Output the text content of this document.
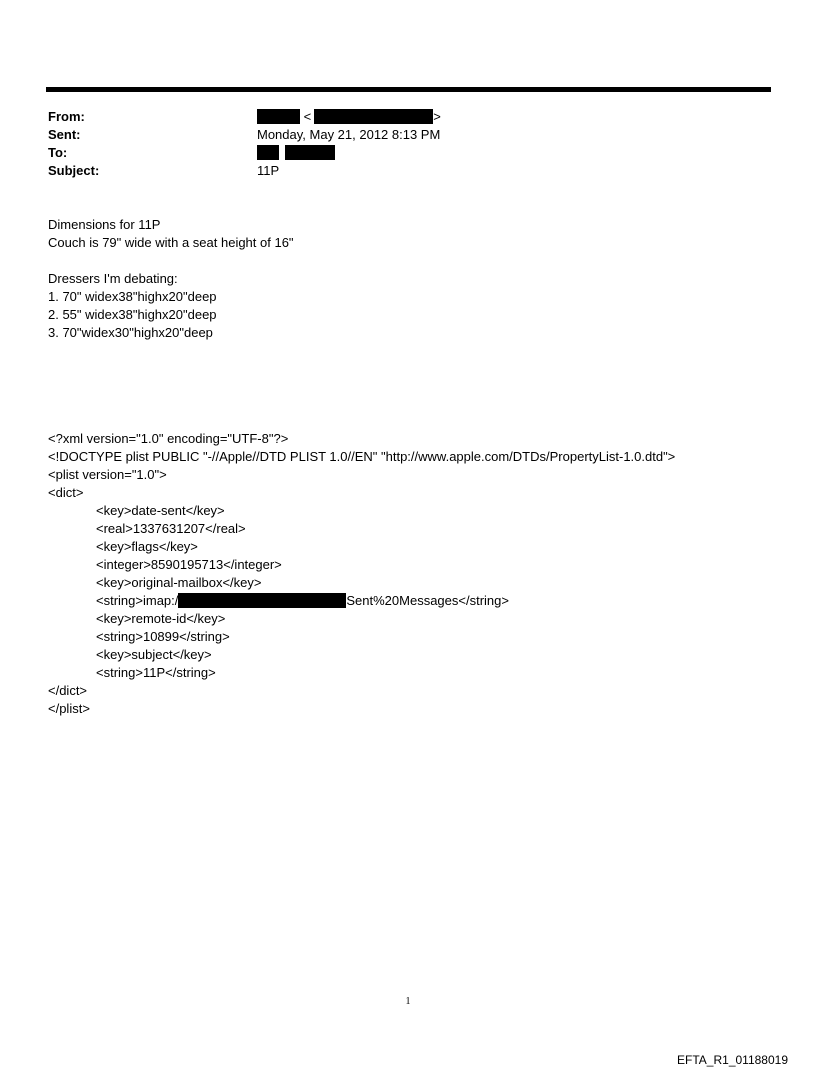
From:	<	>
Sent:	Monday, May 21, 2012 8:13 PM
To:

Subject:	11P
Dimensions for 11P
Couch is 79" wide with a seat height of 16"
Dressers I'm debating:
1. 70" widex38"highx20"deep
2. 55" widex38"highx20"deep
3. 70"widex30"highx20"deep
<?xml version="1.0" encoding="UTF-8"?>
<!DOCTYPE plist PUBLIC "-//Apple//DTD PLIST 1.0//EN" "http://www.apple.com/DTDs/PropertyList-1.0.dtd">
<plist version="1.0">
<dict>
<key>date-sent</key>
<real>1337631207</real>
<key>flags</key>
<integer>8590195713</integer>
<key>original-mailbox</key>
<string>imap:/	Sent%20Messages</string>
<key>remote-id</key>
<string>10899</string>
<key>subject</key>
<string>11P</string>
</dict>
</plist>
1
EFTA_R1_01188019
